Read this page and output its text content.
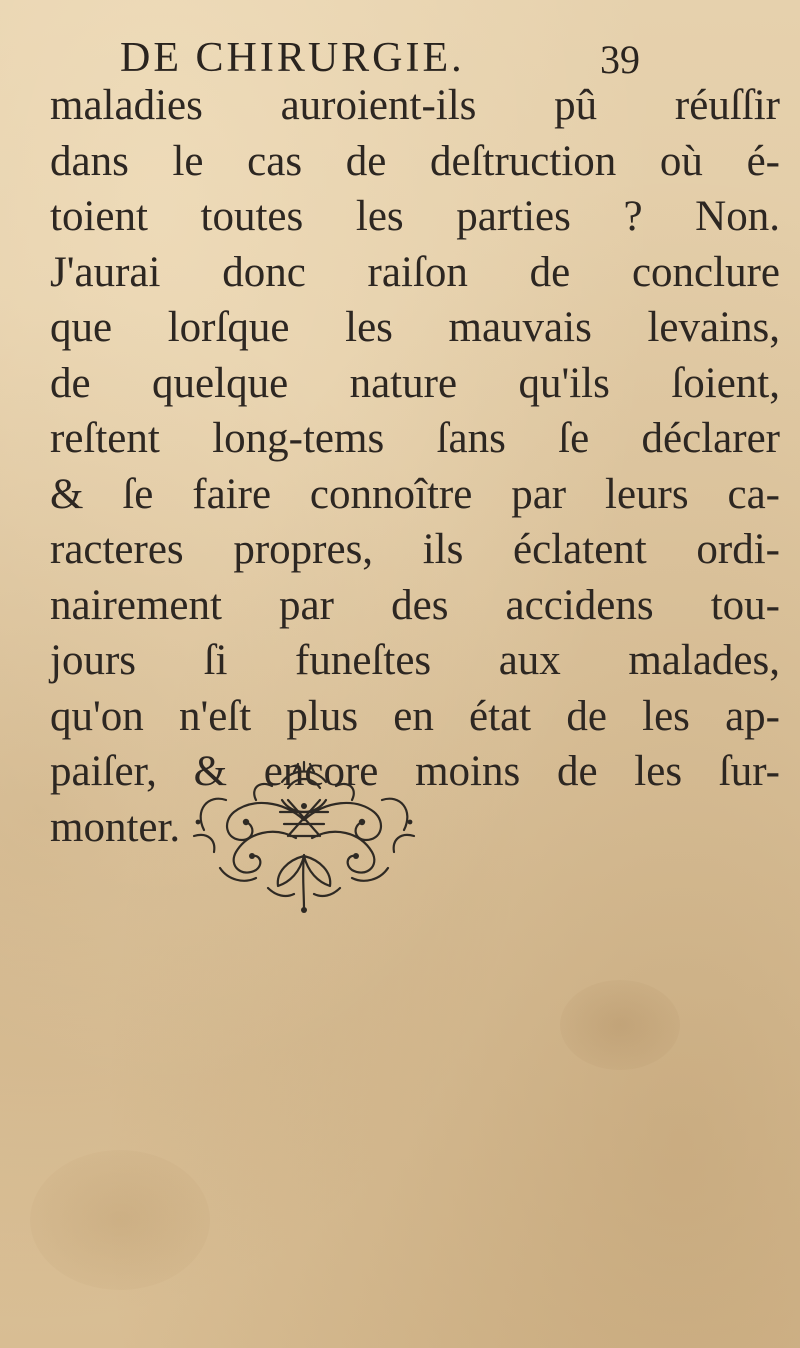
DE CHIRURGIE.	39
maladies auroient-ils pû réuſſir
dans le cas de deſtruction où é-
toient toutes les parties ? Non.
J'aurai donc raiſon de conclure
que lorſque les mauvais levains,
de quelque nature qu'ils ſoient,
reſtent long-tems ſans ſe déclarer
& ſe faire connoître par leurs ca-
racteres propres, ils éclatent ordi-
nairement par des accidens tou-
jours ſi funeſtes aux malades,
qu'on n'eſt plus en état de les ap-
paiſer, & encore moins de les ſur-
monter.
